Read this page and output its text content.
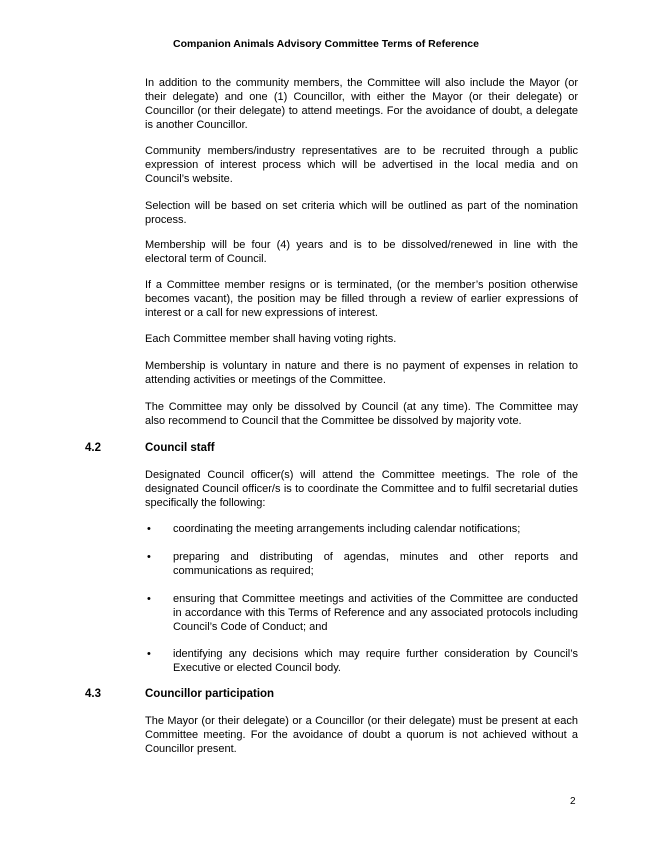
Companion Animals Advisory Committee Terms of Reference

In addition to the community members, the Committee will also include the Mayor (or their delegate) and one (1) Councillor, with either the Mayor (or their delegate) or Councillor (or their delegate) to attend meetings. For the avoidance of doubt, a delegate is another Councillor.

Community members/industry representatives are to be recruited through a public expression of interest process which will be advertised in the local media and on Council’s website.

Selection will be based on set criteria which will be outlined as part of the nomination process.

Membership will be four (4) years and is to be dissolved/renewed in line with the electoral term of Council.

If a Committee member resigns or is terminated, (or the member’s position otherwise becomes vacant), the position may be filled through a review of earlier expressions of interest or a call for new expressions of interest.

Each Committee member shall having voting rights.

Membership is voluntary in nature and there is no payment of expenses in relation to attending activities or meetings of the Committee.

The Committee may only be dissolved by Council (at any time). The Committee may also recommend to Council that the Committee be dissolved by majority vote.

4.2	Council staff

Designated Council officer(s) will attend the Committee meetings. The role of the designated Council officer/s is to coordinate the Committee and to fulfil secretarial duties specifically the following:

• coordinating the meeting arrangements including calendar notifications;
• preparing and distributing of agendas, minutes and other reports and communications as required;
• ensuring that Committee meetings and activities of the Committee are conducted in accordance with this Terms of Reference and any associated protocols including Council’s Code of Conduct; and
• identifying any decisions which may require further consideration by Council’s Executive or elected Council body.
4.3	Councillor participation

The Mayor (or their delegate) or a Councillor (or their delegate) must be present at each Committee meeting. For the avoidance of doubt a quorum is not achieved without a Councillor present.

2
